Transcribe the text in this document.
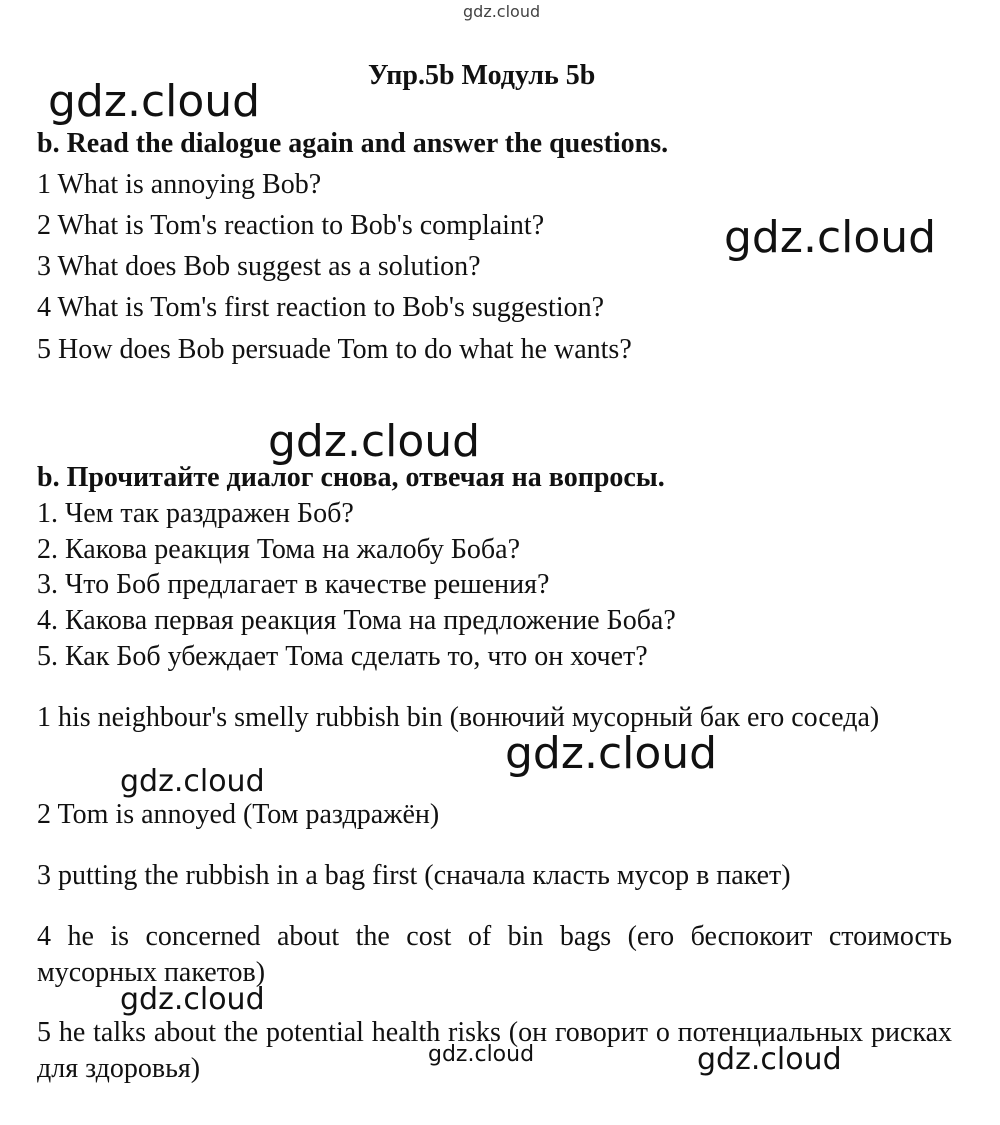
gdz.cloud
Упр.5b Модуль 5b
gdz.cloud
gdz.cloud
gdz.cloud
gdz.cloud
gdz.cloud
gdz.cloud
gdz.cloud	gdz.cloud
b. Read the dialogue again and answer the questions.
1 What is annoying Bob?
2 What is Tom's reaction to Bob's complaint?
3 What does Bob suggest as a solution?
4 What is Tom's first reaction to Bob's suggestion?
5 How does Bob persuade Tom to do what he wants?
b. Прочитайте диалог снова, отвечая на вопросы.
1. Чем так раздражен Боб?
2. Какова реакция Тома на жалобу Боба?
3. Что Боб предлагает в качестве решения?
4. Какова первая реакция Тома на предложение Боба?
5. Как Боб убеждает Тома сделать то, что он хочет?
1 his neighbour's smelly rubbish bin (вонючий мусорный бак его соседа)
2 Tom is annoyed (Том раздражён)
3 putting the rubbish in a bag first (сначала класть мусор в пакет)
4 he is concerned about the cost of bin bags (его беспокоит стоимость мусорных пакетов)
5 he talks about the potential health risks (он говорит о потенциальных рисках для здоровья)
